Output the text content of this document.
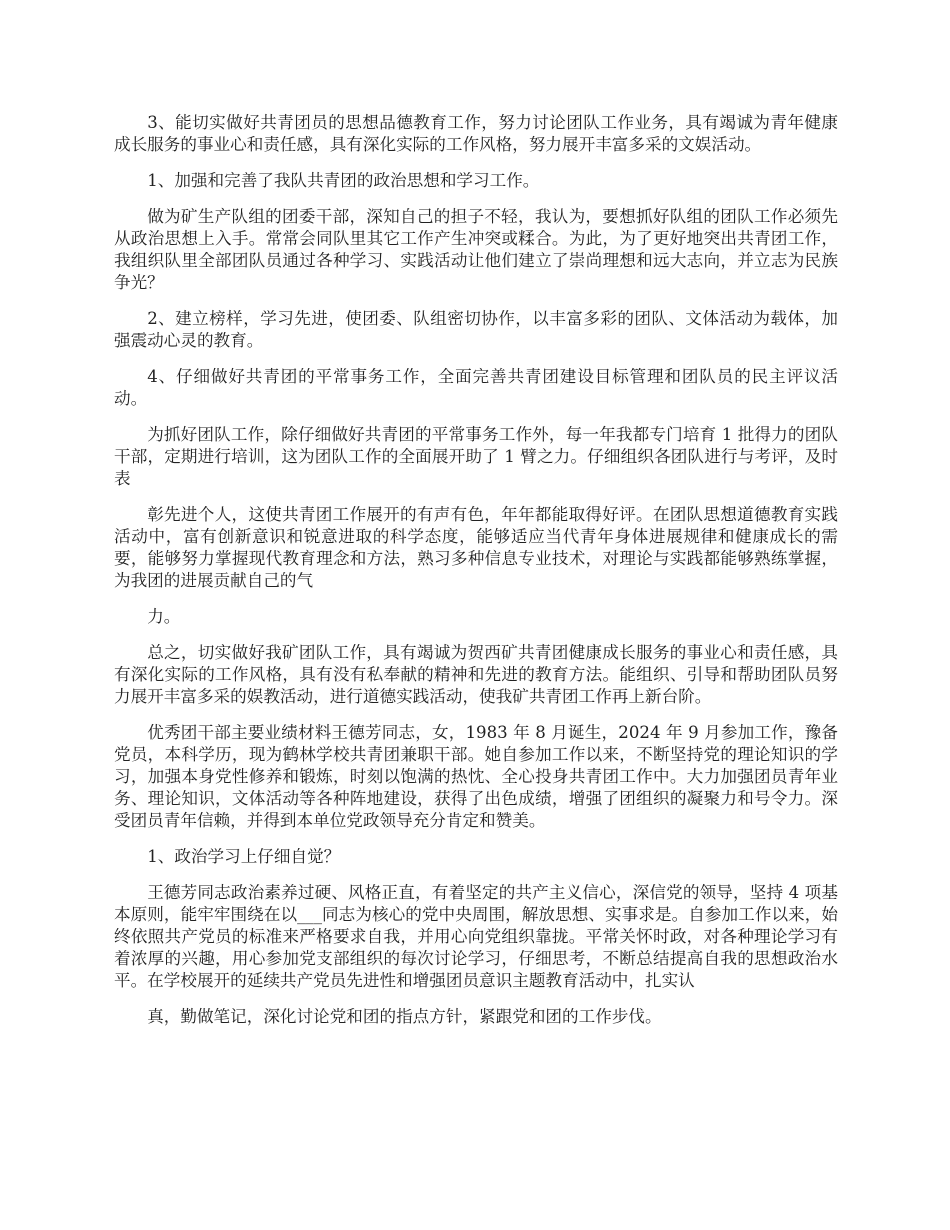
3、能切实做好共青团员的思想品德教育工作，努力讨论团队工作业务，具有竭诚为青年健康成长服务的事业心和责任感，具有深化实际的工作风格，努力展开丰富多采的文娱活动。

1、加强和完善了我队共青团的政治思想和学习工作。

做为矿生产队组的团委干部，深知自己的担子不轻，我认为，要想抓好队组的团队工作必须先从政治思想上入手。常常会同队里其它工作产生冲突或糅合。为此，为了更好地突出共青团工作，我组织队里全部团队员通过各种学习、实践活动让他们建立了崇尚理想和远大志向，并立志为民族争光？

2、建立榜样，学习先进，使团委、队组密切协作，以丰富多彩的团队、文体活动为载体，加强震动心灵的教育。

4、仔细做好共青团的平常事务工作，全面完善共青团建设目标管理和团队员的民主评议活动。

为抓好团队工作，除仔细做好共青团的平常事务工作外，每一年我都专门培育 1 批得力的团队干部，定期进行培训，这为团队工作的全面展开助了 1 臂之力。仔细组织各团队进行与考评，及时表

彰先进个人，这使共青团工作展开的有声有色，年年都能取得好评。在团队思想道德教育实践活动中，富有创新意识和锐意进取的科学态度，能够适应当代青年身体进展规律和健康成长的需要，能够努力掌握现代教育理念和方法，熟习多种信息专业技术，对理论与实践都能够熟练掌握，为我团的进展贡献自己的气

力。

总之，切实做好我矿团队工作，具有竭诚为贺西矿共青团健康成长服务的事业心和责任感，具有深化实际的工作风格，具有没有私奉献的精神和先进的教育方法。能组织、引导和帮助团队员努力展开丰富多采的娱教活动，进行道德实践活动，使我矿共青团工作再上新台阶。

优秀团干部主要业绩材料王德芳同志，女，1983 年 8 月诞生，2024 年 9 月参加工作，豫备党员，本科学历，现为鹤林学校共青团兼职干部。她自参加工作以来，不断坚持党的理论知识的学习，加强本身党性修养和锻炼，时刻以饱满的热忱、全心投身共青团工作中。大力加强团员青年业务、理论知识，文体活动等各种阵地建设，获得了出色成绩，增强了团组织的凝聚力和号令力。深受团员青年信赖，并得到本单位党政领导充分肯定和赞美。

1、政治学习上仔细自觉？

王德芳同志政治素养过硬、风格正直，有着坚定的共产主义信心，深信党的领导，坚持 4 项基本原则，能牢牢围绕在以___同志为核心的党中央周围，解放思想、实事求是。自参加工作以来，始终依照共产党员的标准来严格要求自我，并用心向党组织靠拢。平常关怀时政，对各种理论学习有着浓厚的兴趣，用心参加党支部组织的每次讨论学习，仔细思考，不断总结提高自我的思想政治水平。在学校展开的延续共产党员先进性和增强团员意识主题教育活动中，扎实认

真，勤做笔记，深化讨论党和团的指点方针，紧跟党和团的工作步伐。
